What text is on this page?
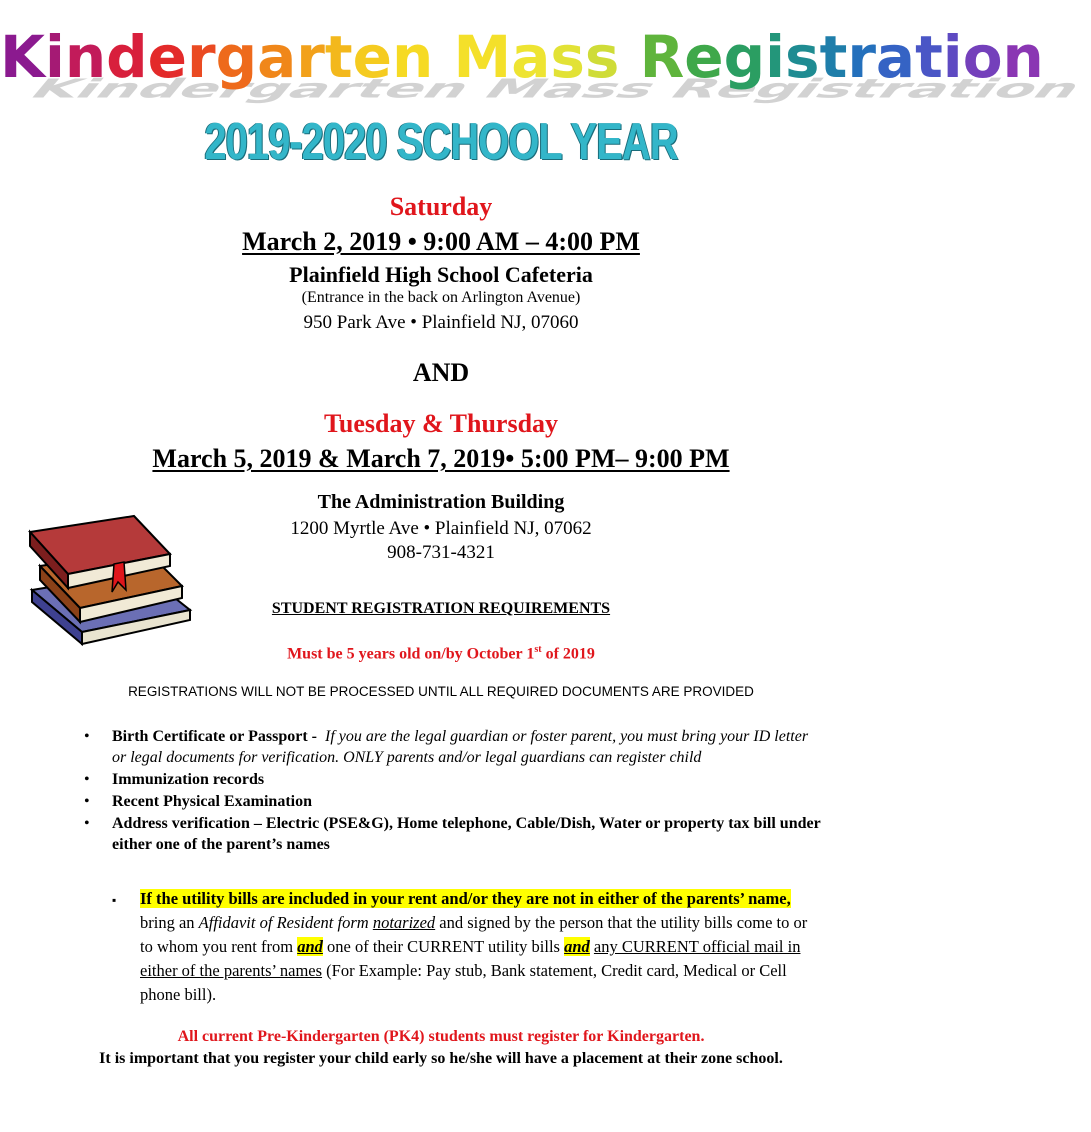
Kindergarten Mass Registration
Kindergarten Mass Registration
2019-2020 SCHOOL YEAR
Saturday
March 2, 2019 • 9:00 AM – 4:00 PM
Plainfield High School Cafeteria
(Entrance in the back on Arlington Avenue)
950 Park Ave • Plainfield NJ, 07060
AND
Tuesday & Thursday
March 5, 2019 & March 7, 2019• 5:00 PM– 9:00 PM
The Administration Building
1200 Myrtle Ave • Plainfield NJ, 07062
908-731-4321
STUDENT REGISTRATION REQUIREMENTS
Must be 5 years old on/by October 1st of 2019
REGISTRATIONS WILL NOT BE PROCESSED UNTIL ALL REQUIRED DOCUMENTS ARE PROVIDED
• Birth Certificate or Passport - If you are the legal guardian or foster parent, you must bring your ID letter or legal documents for verification. ONLY parents and/or legal guardians can register child
• Immunization records
• Recent Physical Examination
• Address verification – Electric (PSE&G), Home telephone, Cable/Dish, Water or property tax bill under either one of the parent’s names
▪	If the utility bills are included in your rent and/or they are not in either of the parents’ name, bring an Affidavit of Resident form notarized and signed by the person that the utility bills come to or to whom you rent from and one of their CURRENT utility bills and any CURRENT official mail in either of the parents’ names (For Example: Pay stub, Bank statement, Credit card, Medical or Cell phone bill).
All current Pre-Kindergarten (PK4) students must register for Kindergarten.
It is important that you register your child early so he/she will have a placement at their zone school.
